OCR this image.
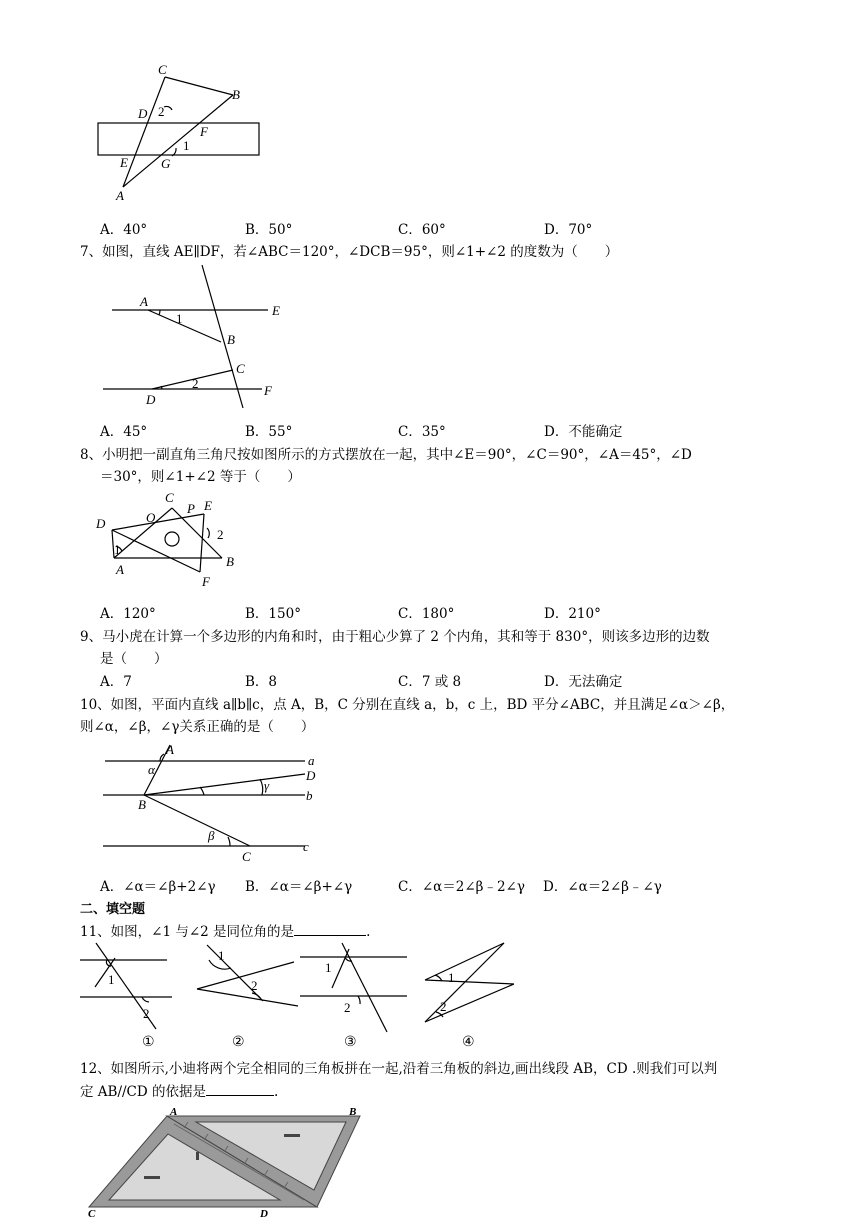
C
B
D 2
F
1
E	G
A
A．40°	B．50°	C．60°	D．70°
7、如图，直线 AE∥DF，若∠ABC＝120°，∠DCB＝95°，则∠1+∠2 的度数为（　　）
A
1
E
B
C
2
D
F
A．45°	B．55°	C．35°	D．不能确定
8、小明把一副直角三角尺按如图所示的方式摆放在一起，其中∠E＝90°，∠C＝90°，∠A＝45°，∠D
＝30°，则∠1+∠2 等于（　　）
C
P E
O
D
2
1
A
B
F
A．120°	B．150°	C．180°	D．210°
9、马小虎在计算一个多边形的内角和时，由于粗心少算了 2 个内角，其和等于 830°，则该多边形的边数
是（　　）
A．7	B．8	C．7 或 8	D．无法确定
10、如图，平面内直线 a∥b∥c，点 A，B，C 分别在直线 a，b，c 上，BD 平分∠ABC，并且满足∠α＞∠β，
则∠α，∠β，∠γ关系正确的是（　　）
A
α
a
D
γ
B
b
β
C
c
A．∠α＝∠β+2∠γ B．∠α＝∠β+∠γ	C．∠α＝2∠β﹣2∠γ D．∠α＝2∠β﹣∠γ
二、填空题
11、如图，∠1 与∠2 是同位角的是	.
1
2
1
2
1
2
1
2
①	②	③	④
12、如图所示,小迪将两个完全相同的三角板拼在一起,沿着三角板的斜边,画出线段 AB，CD .则我们可以判
定 AB//CD 的依据是	.
A	B
C	D
